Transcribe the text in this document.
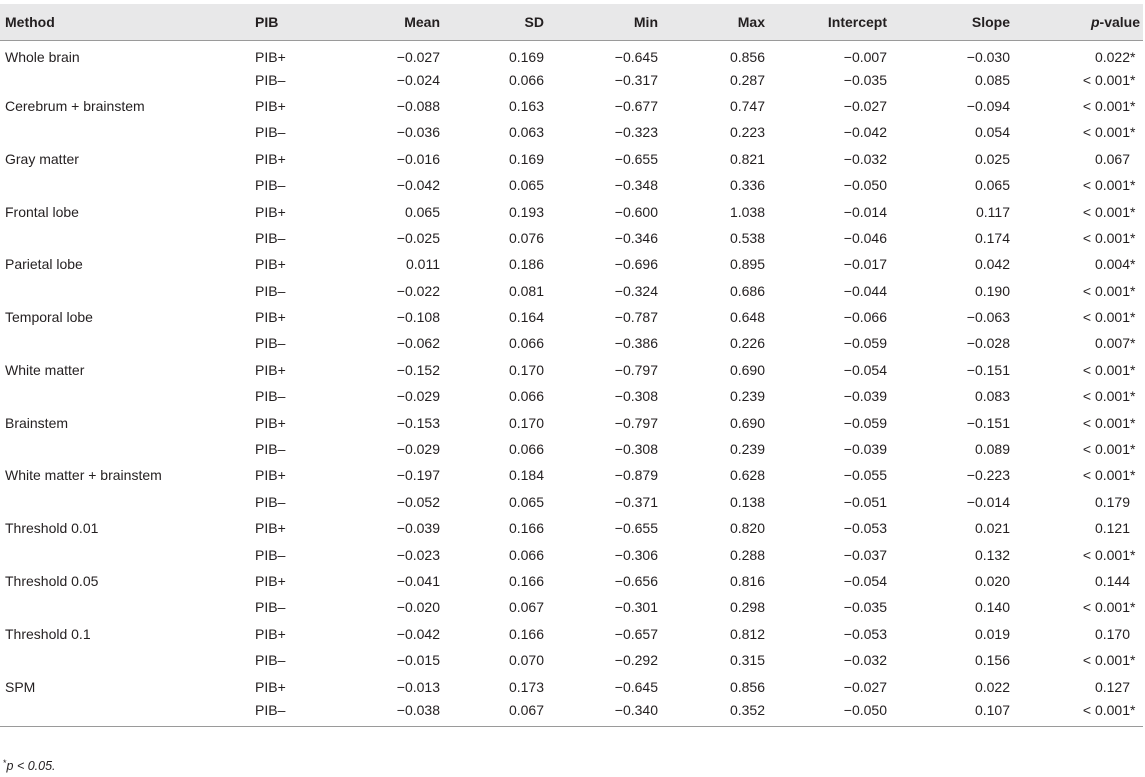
Method	PIB	Mean	SD	Min	Max	Intercept	Slope	p-value
Whole brain	PIB+	−0.027	0.169	−0.645	0.856	−0.007	−0.030	0.022*
	PIB–	−0.024	0.066	−0.317	0.287	−0.035	0.085	< 0.001*
Cerebrum + brainstem	PIB+	−0.088	0.163	−0.677	0.747	−0.027	−0.094	< 0.001*
	PIB–	−0.036	0.063	−0.323	0.223	−0.042	0.054	< 0.001*
Gray matter	PIB+	−0.016	0.169	−0.655	0.821	−0.032	0.025	0.067
	PIB–	−0.042	0.065	−0.348	0.336	−0.050	0.065	< 0.001*
Frontal lobe	PIB+	0.065	0.193	−0.600	1.038	−0.014	0.117	< 0.001*
	PIB–	−0.025	0.076	−0.346	0.538	−0.046	0.174	< 0.001*
Parietal lobe	PIB+	0.011	0.186	−0.696	0.895	−0.017	0.042	0.004*
	PIB–	−0.022	0.081	−0.324	0.686	−0.044	0.190	< 0.001*
Temporal lobe	PIB+	−0.108	0.164	−0.787	0.648	−0.066	−0.063	< 0.001*
	PIB–	−0.062	0.066	−0.386	0.226	−0.059	−0.028	0.007*
White matter	PIB+	−0.152	0.170	−0.797	0.690	−0.054	−0.151	< 0.001*
	PIB–	−0.029	0.066	−0.308	0.239	−0.039	0.083	< 0.001*
Brainstem	PIB+	−0.153	0.170	−0.797	0.690	−0.059	−0.151	< 0.001*
	PIB–	−0.029	0.066	−0.308	0.239	−0.039	0.089	< 0.001*
White matter + brainstem	PIB+	−0.197	0.184	−0.879	0.628	−0.055	−0.223	< 0.001*
	PIB–	−0.052	0.065	−0.371	0.138	−0.051	−0.014	0.179
Threshold 0.01	PIB+	−0.039	0.166	−0.655	0.820	−0.053	0.021	0.121
	PIB–	−0.023	0.066	−0.306	0.288	−0.037	0.132	< 0.001*
Threshold 0.05	PIB+	−0.041	0.166	−0.656	0.816	−0.054	0.020	0.144
	PIB–	−0.020	0.067	−0.301	0.298	−0.035	0.140	< 0.001*
Threshold 0.1	PIB+	−0.042	0.166	−0.657	0.812	−0.053	0.019	0.170
	PIB–	−0.015	0.070	−0.292	0.315	−0.032	0.156	< 0.001*
SPM	PIB+	−0.013	0.173	−0.645	0.856	−0.027	0.022	0.127
	PIB–	−0.038	0.067	−0.340	0.352	−0.050	0.107	< 0.001*
*p < 0.05.
